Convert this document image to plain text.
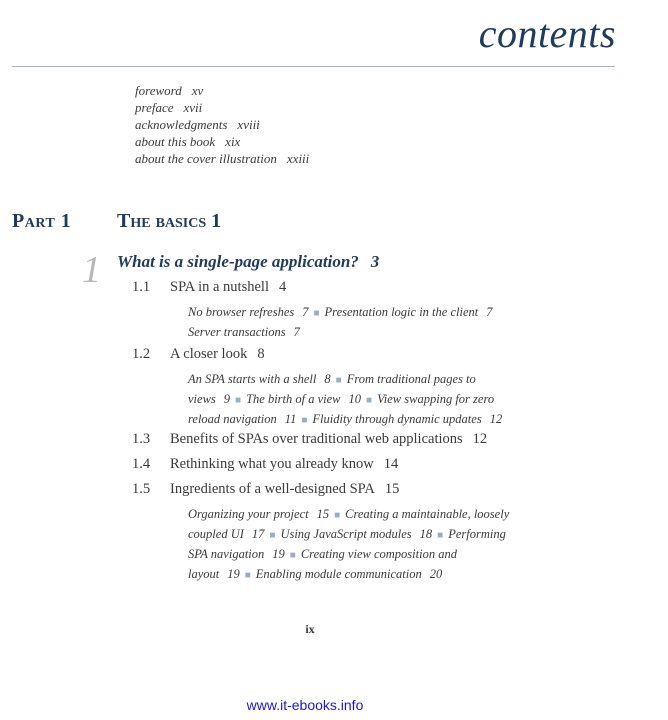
contents
foreword xv
preface xvii
acknowledgments xviii
about this book xix
about the cover illustration xxiii
Part 1 The basics 1
1 What is a single-page application? 3
1.1 SPA in a nutshell 4
No browser refreshes 7 ■ Presentation logic in the client 7
Server transactions 7
1.2 A closer look 8
An SPA starts with a shell 8 ■ From traditional pages to
views 9 ■ The birth of a view 10 ■ View swapping for zero
reload navigation 11 ■ Fluidity through dynamic updates 12
1.3 Benefits of SPAs over traditional web applications 12
1.4 Rethinking what you already know 14
1.5 Ingredients of a well-designed SPA 15
Organizing your project 15 ■ Creating a maintainable, loosely
coupled UI 17 ■ Using JavaScript modules 18 ■ Performing
SPA navigation 19 ■ Creating view composition and
layout 19 ■ Enabling module communication 20
ix
www.it-ebooks.info
